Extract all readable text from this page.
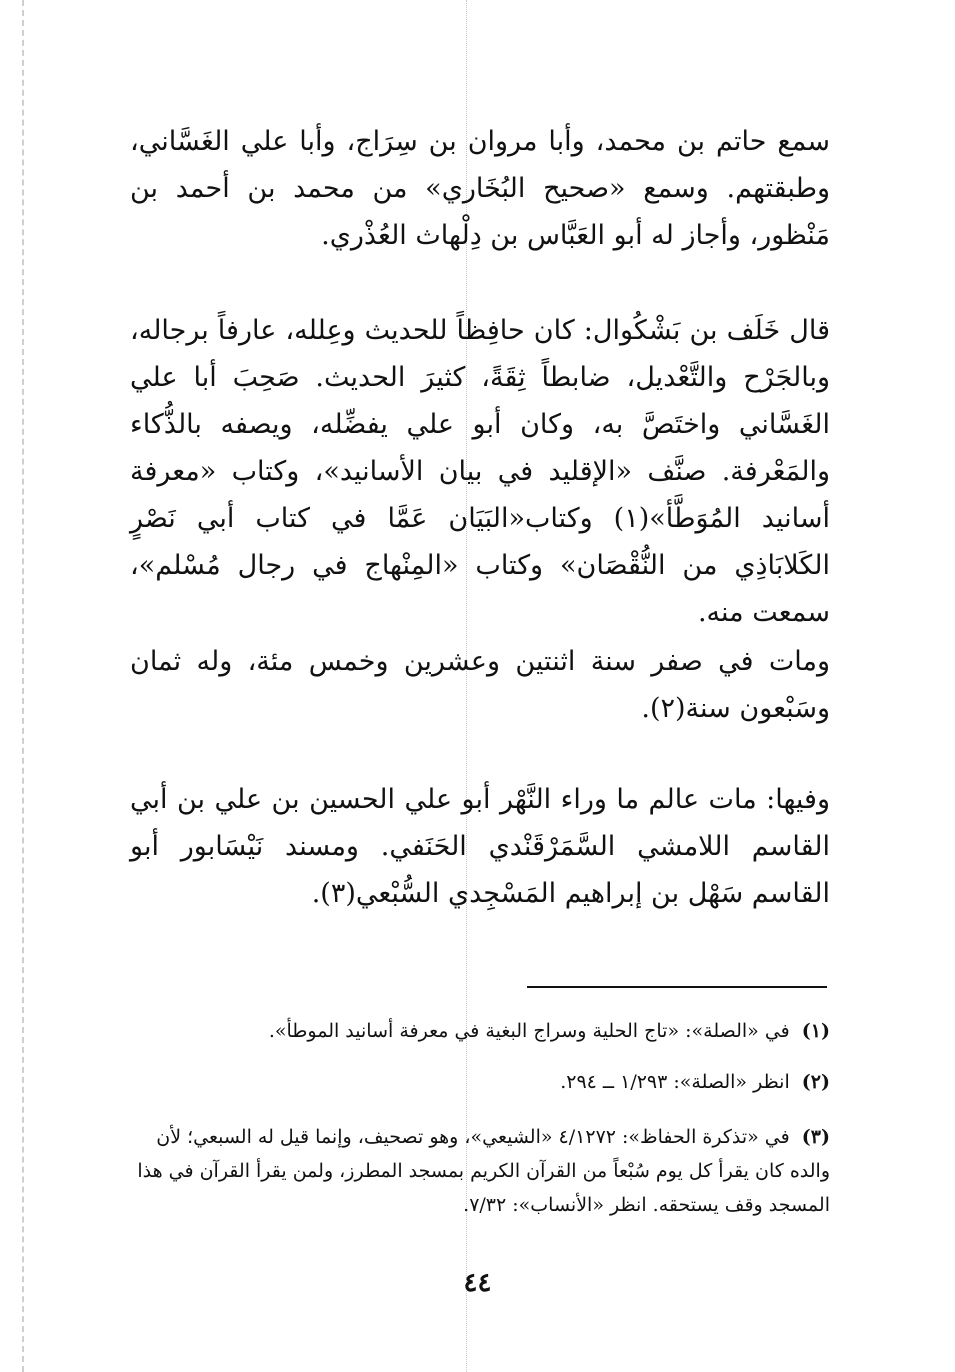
سمع حاتم بن محمد، وأبا مروان بن سِرَاج، وأبا علي الغَسَّاني، وطبقتهم. وسمع «صحيح البُخَاري» من محمد بن أحمد بن مَنْظور، وأجاز له أبو العَبَّاس بن دِلْهاث العُذْري.

قال خَلَف بن بَشْكُوال: كان حافِظاً للحديث وعِلله، عارفاً برجاله، وبالجَرْح والتَّعْديل، ضابطاً ثِقَةً، كثيرَ الحديث. صَحِبَ أبا علي الغَسَّاني واختَصَّ به، وكان أبو علي يفضِّله، ويصفه بالذُّكاء والمَعْرفة. صنَّف «الإقليد في بيان الأسانيد»، وكتاب «معرفة أسانيد المُوَطَّأ»(١) وكتاب«البَيَان عَمَّا في كتاب أبي نَصْرٍ الكَلابَاذِي من النُّقْصَان» وكتاب «المِنْهاج في رجال مُسْلم»، سمعت منه.

ومات في صفر سنة اثنتين وعشرين وخمس مئة، وله ثمان وسَبْعون سنة(٢).

وفيها: مات عالم ما وراء النَّهْر أبو علي الحسين بن علي بن أبي القاسم اللامشي السَّمَرْقَنْدي الحَنَفي. ومسند نَيْسَابور أبو القاسم سَهْل بن إبراهيم المَسْجِدي السُّبْعي(٣).

(١) في «الصلة»: «تاج الحلية وسراج البغية في معرفة أسانيد الموطأ».

(٢) انظر «الصلة»: ١/٢٩٣ ــ ٢٩٤.

(٣) في «تذكرة الحفاظ»: ٤/١٢٧٢ «الشيعي»، وهو تصحيف، وإنما قيل له السبعي؛ لأن والده كان يقرأ كل يوم سُبْعاً من القرآن الكريم بمسجد المطرز، ولمن يقرأ القرآن في هذا المسجد وقف يستحقه. انظر «الأنساب»: ٧/٣٢.

٤٤
